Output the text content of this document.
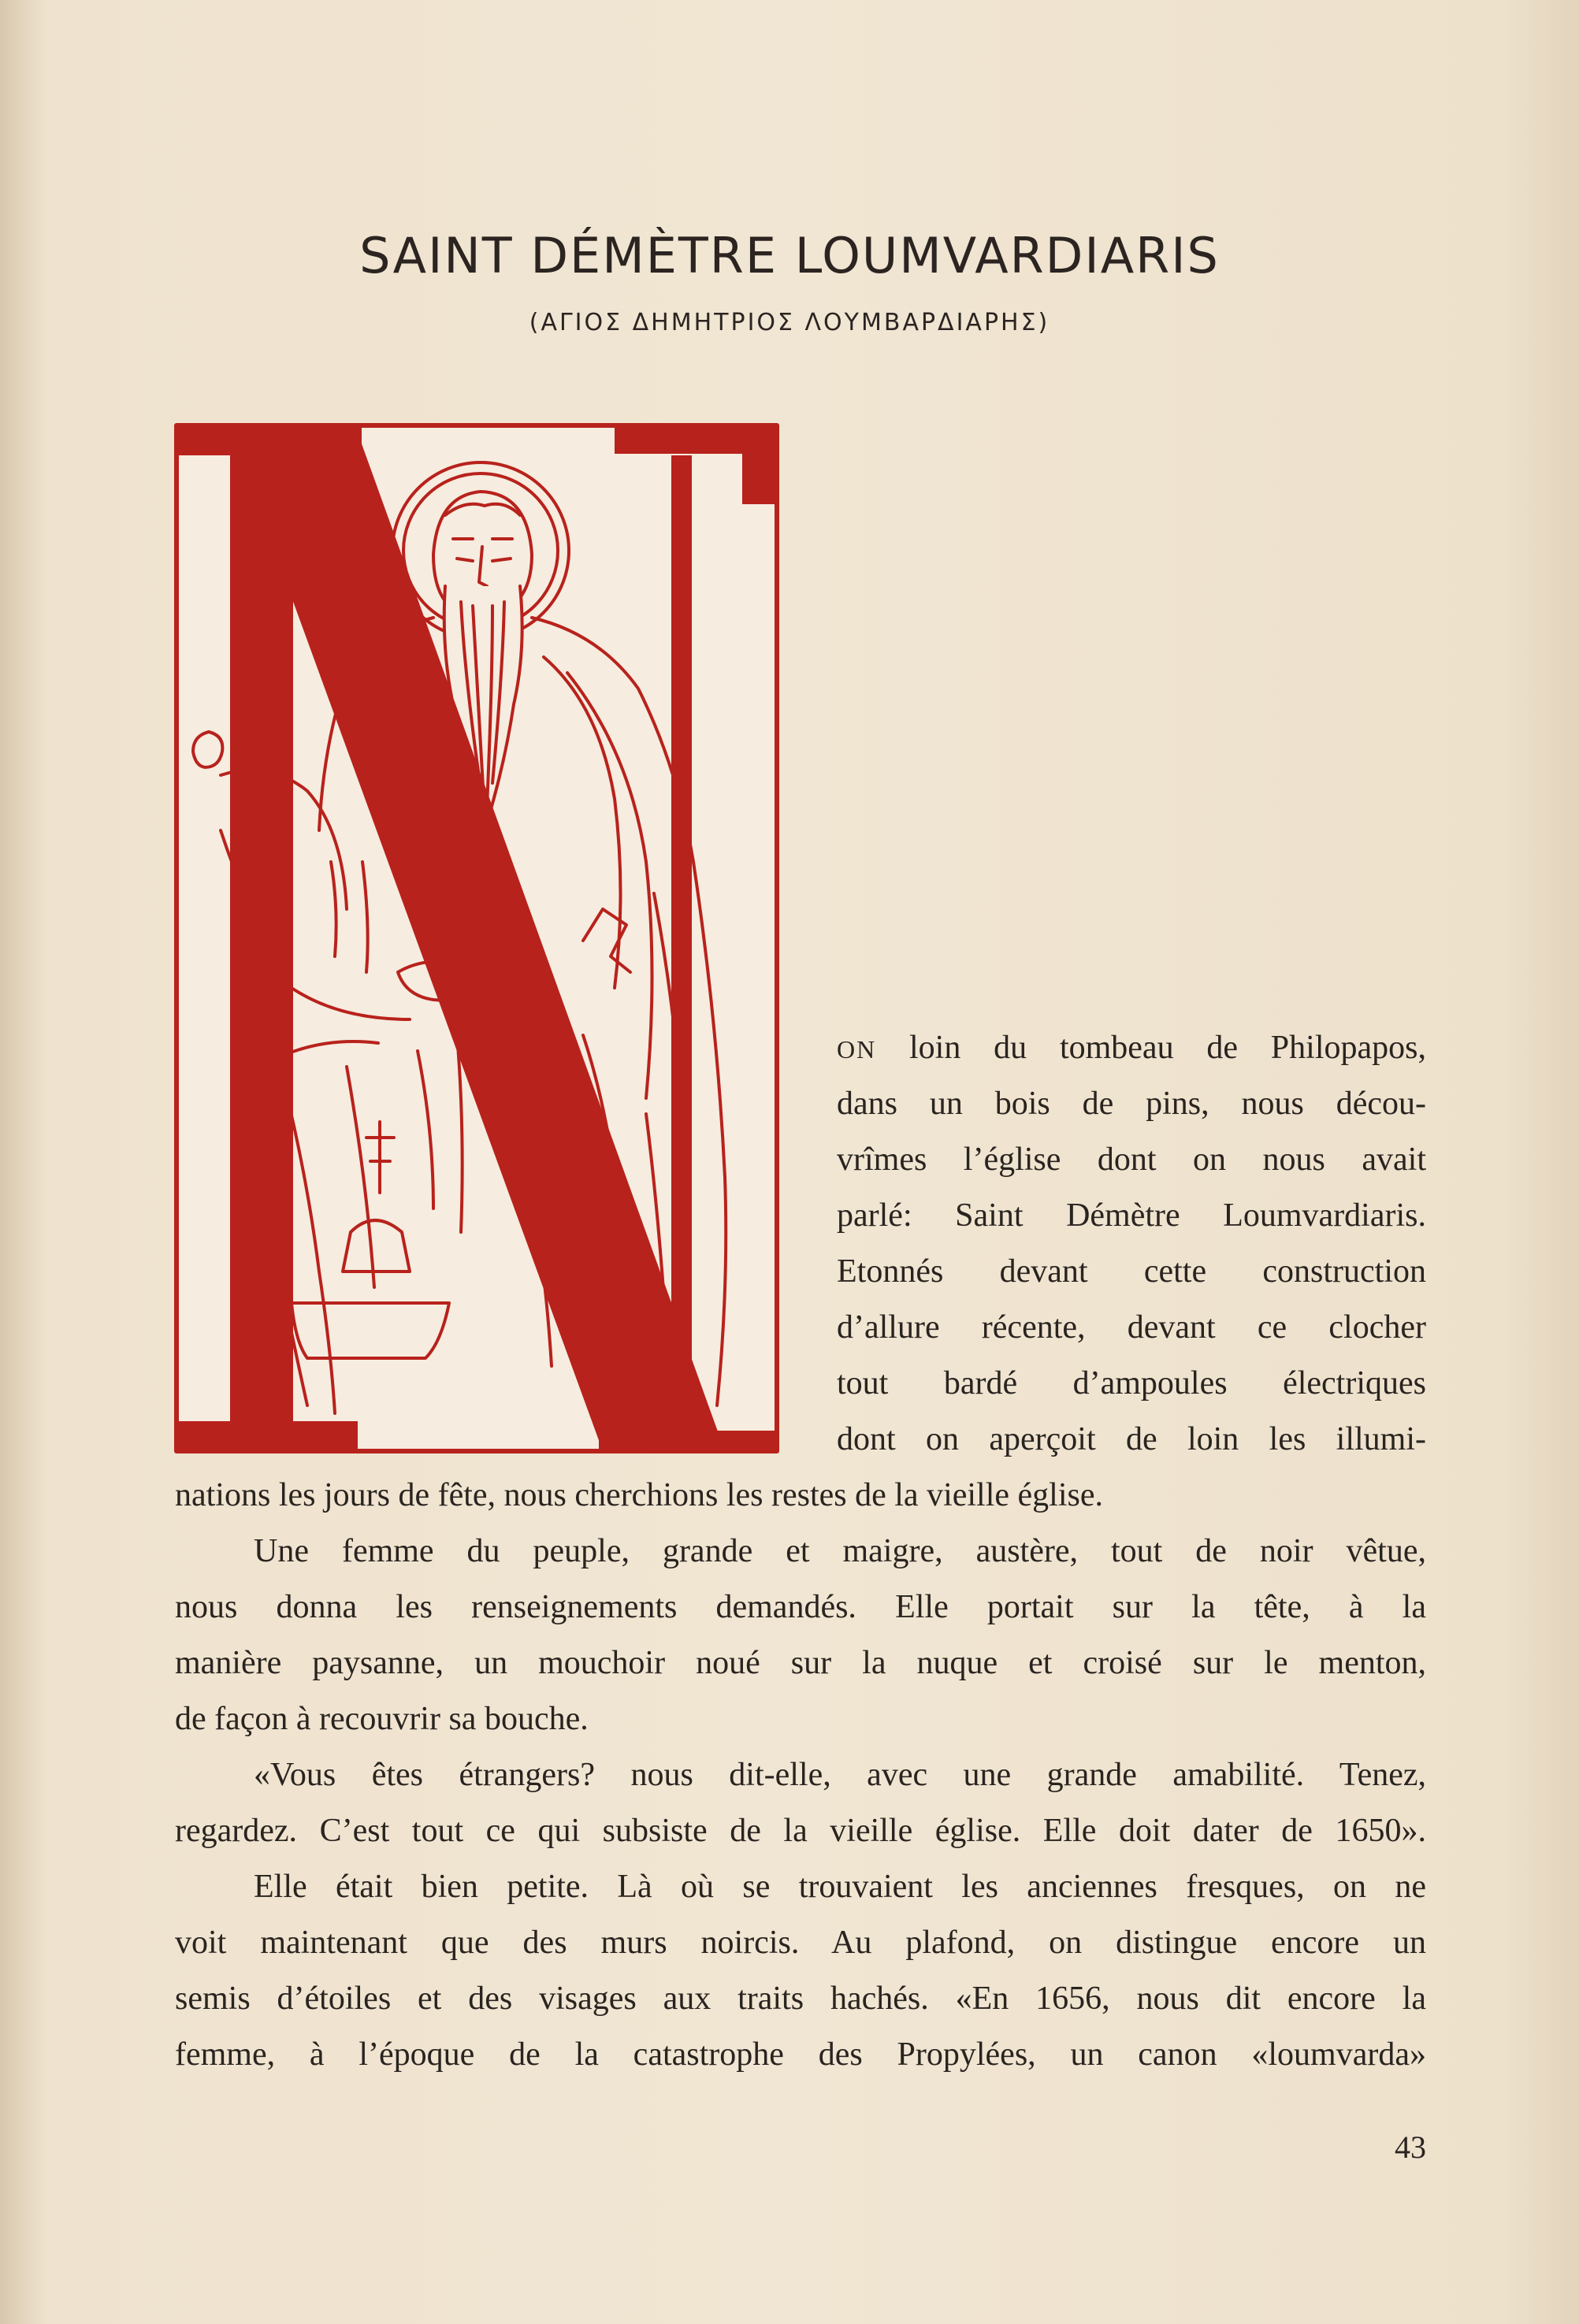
SAINT DÉMÈTRE LOUMVARDIARIS
(ΑΓΙΟΣ ΔΗΜΗΤΡΙΟΣ ΛΟΥΜΒΑΡΔΙΑΡΗΣ)
ON loin du tombeau de Philopapos,
dans un bois de pins, nous décou-
vrîmes l’église dont on nous avait
parlé: Saint Démètre Loumvardiaris.
Etonnés devant cette construction
d’allure récente, devant ce clocher
tout bardé d’ampoules électriques
dont on aperçoit de loin les illumi-
nations les jours de fête, nous cherchions les restes de la vieille église.
Une femme du peuple, grande et maigre, austère, tout de noir vêtue,
nous donna les renseignements demandés. Elle portait sur la tête, à la
manière paysanne, un mouchoir noué sur la nuque et croisé sur le menton,
de façon à recouvrir sa bouche.
«Vous êtes étrangers? nous dit-elle, avec une grande amabilité. Tenez,
regardez. C’est tout ce qui subsiste de la vieille église. Elle doit dater de 1650».
Elle était bien petite. Là où se trouvaient les anciennes fresques, on ne
voit maintenant que des murs noircis. Au plafond, on distingue encore un
semis d’étoiles et des visages aux traits hachés. «En 1656, nous dit encore la
femme, à l’époque de la catastrophe des Propylées, un canon «loumvarda»
43
